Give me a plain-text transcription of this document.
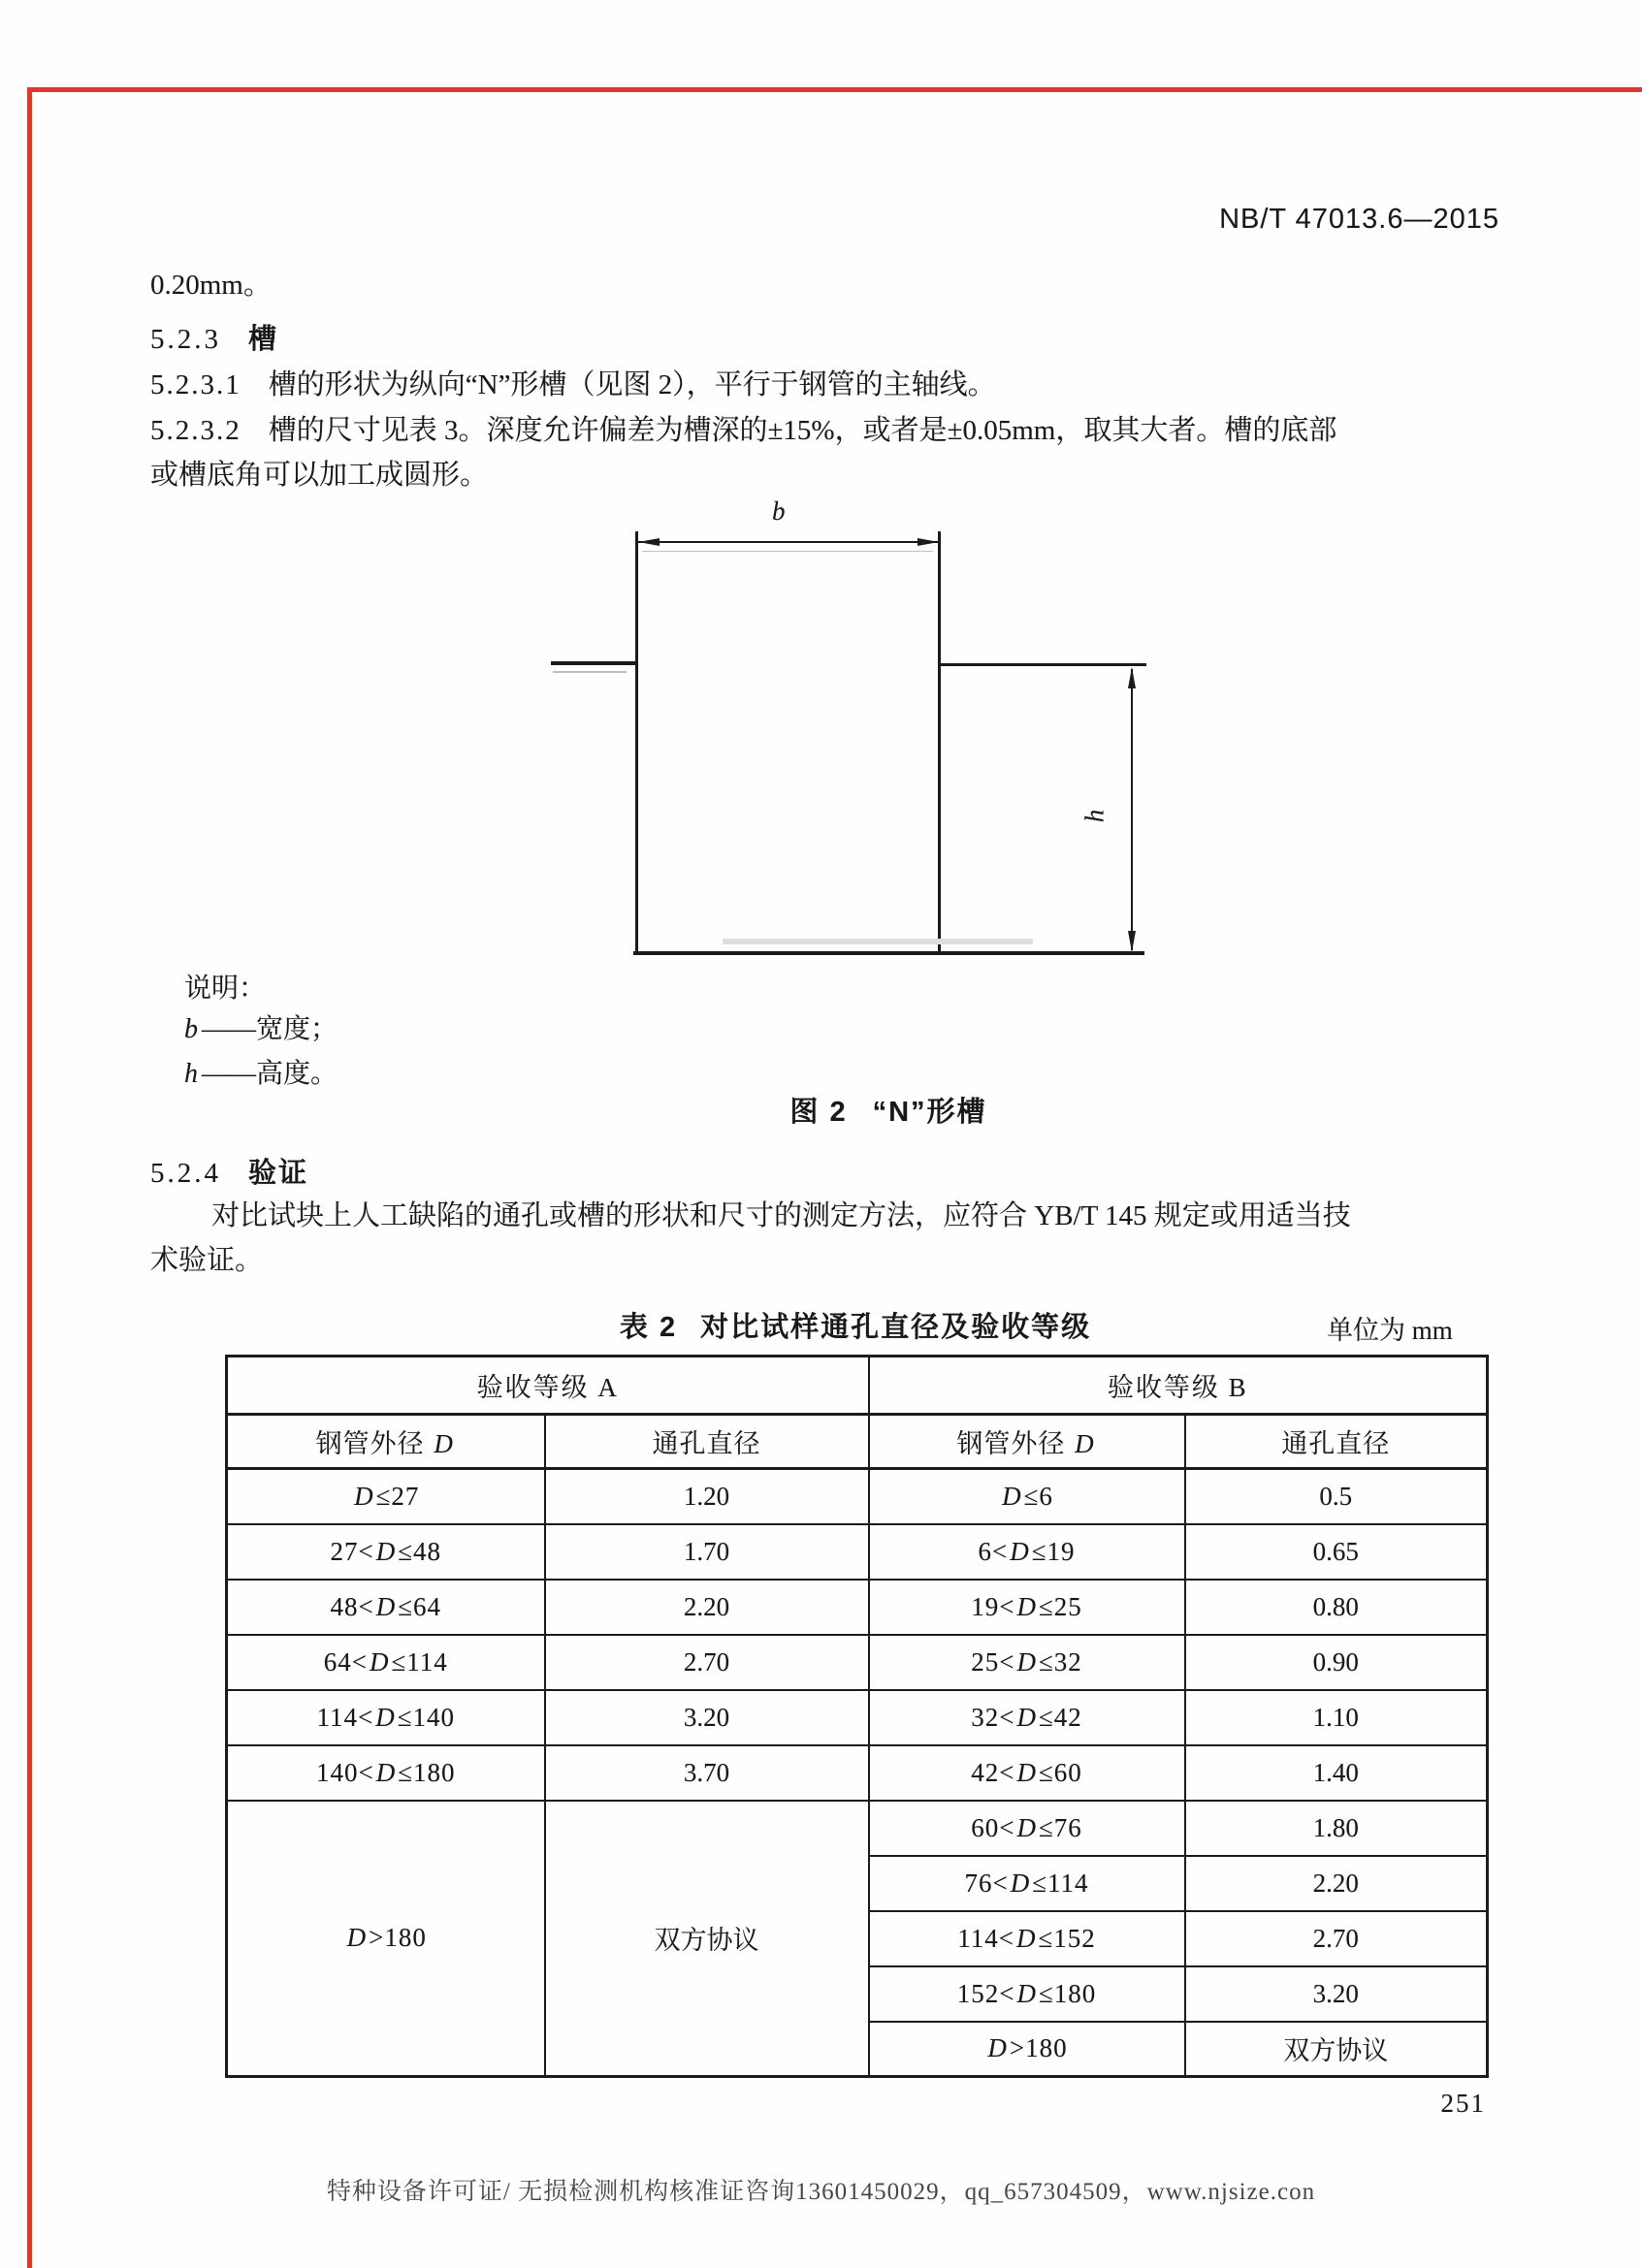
NB/T 47013.6—2015
0.20mm。
5.2.3 槽
5.2.3.1 槽的形状为纵向“N”形槽（见图 2），平行于钢管的主轴线。
5.2.3.2 槽的尺寸见表 3。深度允许偏差为槽深的±15%，或者是±0.05mm，取其大者。槽的底部
或槽底角可以加工成圆形。
b
h
说明：
b ——宽度；
h ——高度。
图 2 “N”形槽
5.2.4 验证
对比试块上人工缺陷的通孔或槽的形状和尺寸的测定方法，应符合 YB/T 145 规定或用适当技
术验证。
表 2 对比试样通孔直径及验收等级	单位为 mm
验收等级 A		验收等级 B	
钢管外径 D	通孔直径	钢管外径 D	通孔直径
D≤27	1.20	D≤6	0.5
27<D≤48	1.70	6<D≤19	0.65
48<D≤64	2.20	19<D≤25	0.80
64<D≤114	2.70	25<D≤32	0.90
114<D≤140	3.20	32<D≤42	1.10
140<D≤180	3.70	42<D≤60	1.40
D>180	双方协议	60<D≤76	1.80
		76<D≤114	2.20
		114<D≤152	2.70
		152<D≤180	3.20
		D>180	双方协议
251
特种设备许可证/ 无损检测机构核准证咨询13601450029，qq_657304509，www.njsize.con
